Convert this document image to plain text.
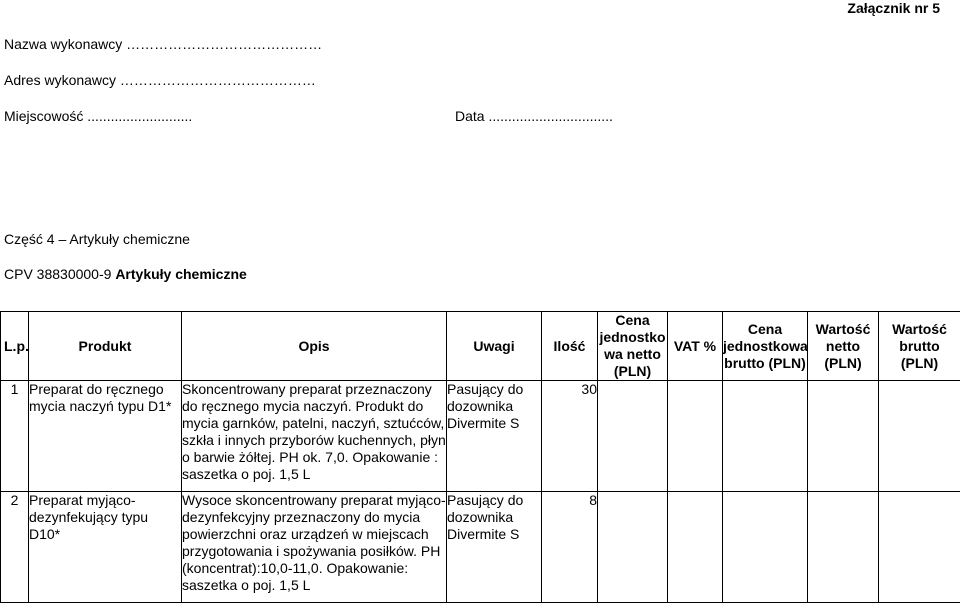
Załącznik nr 5
Nazwa wykonawcy ……………………………………
Adres wykonawcy ……………………………………
Miejscowość ...........................	Data ................................
Część 4 – Artykuły chemiczne
CPV 38830000-9 Artykuły chemiczne
L.p.	Produkt	Opis	Uwagi	Ilość	Cena jednostko wa netto (PLN)	VAT %	Cena jednostkowa brutto (PLN)	Wartość netto (PLN)	Wartość brutto (PLN)
1	Preparat do ręcznego mycia naczyń typu D1*	Skoncentrowany preparat przeznaczony do ręcznego mycia naczyń. Produkt do mycia garnków, patelni, naczyń, sztućców, szkła i innych przyborów kuchennych, płyn o barwie żółtej. PH ok. 7,0. Opakowanie : saszetka o poj. 1,5 L	Pasujący do dozownika Divermite S	30					
2	Preparat myjąco-dezynfekujący typu D10*	Wysoce skoncentrowany preparat myjąco- dezynfekcyjny przeznaczony do mycia powierzchni oraz urządzeń w miejscach przygotowania i spożywania posiłków. PH (koncentrat):10,0-11,0. Opakowanie: saszetka o poj. 1,5 L	Pasujący do dozownika Divermite S	8					
